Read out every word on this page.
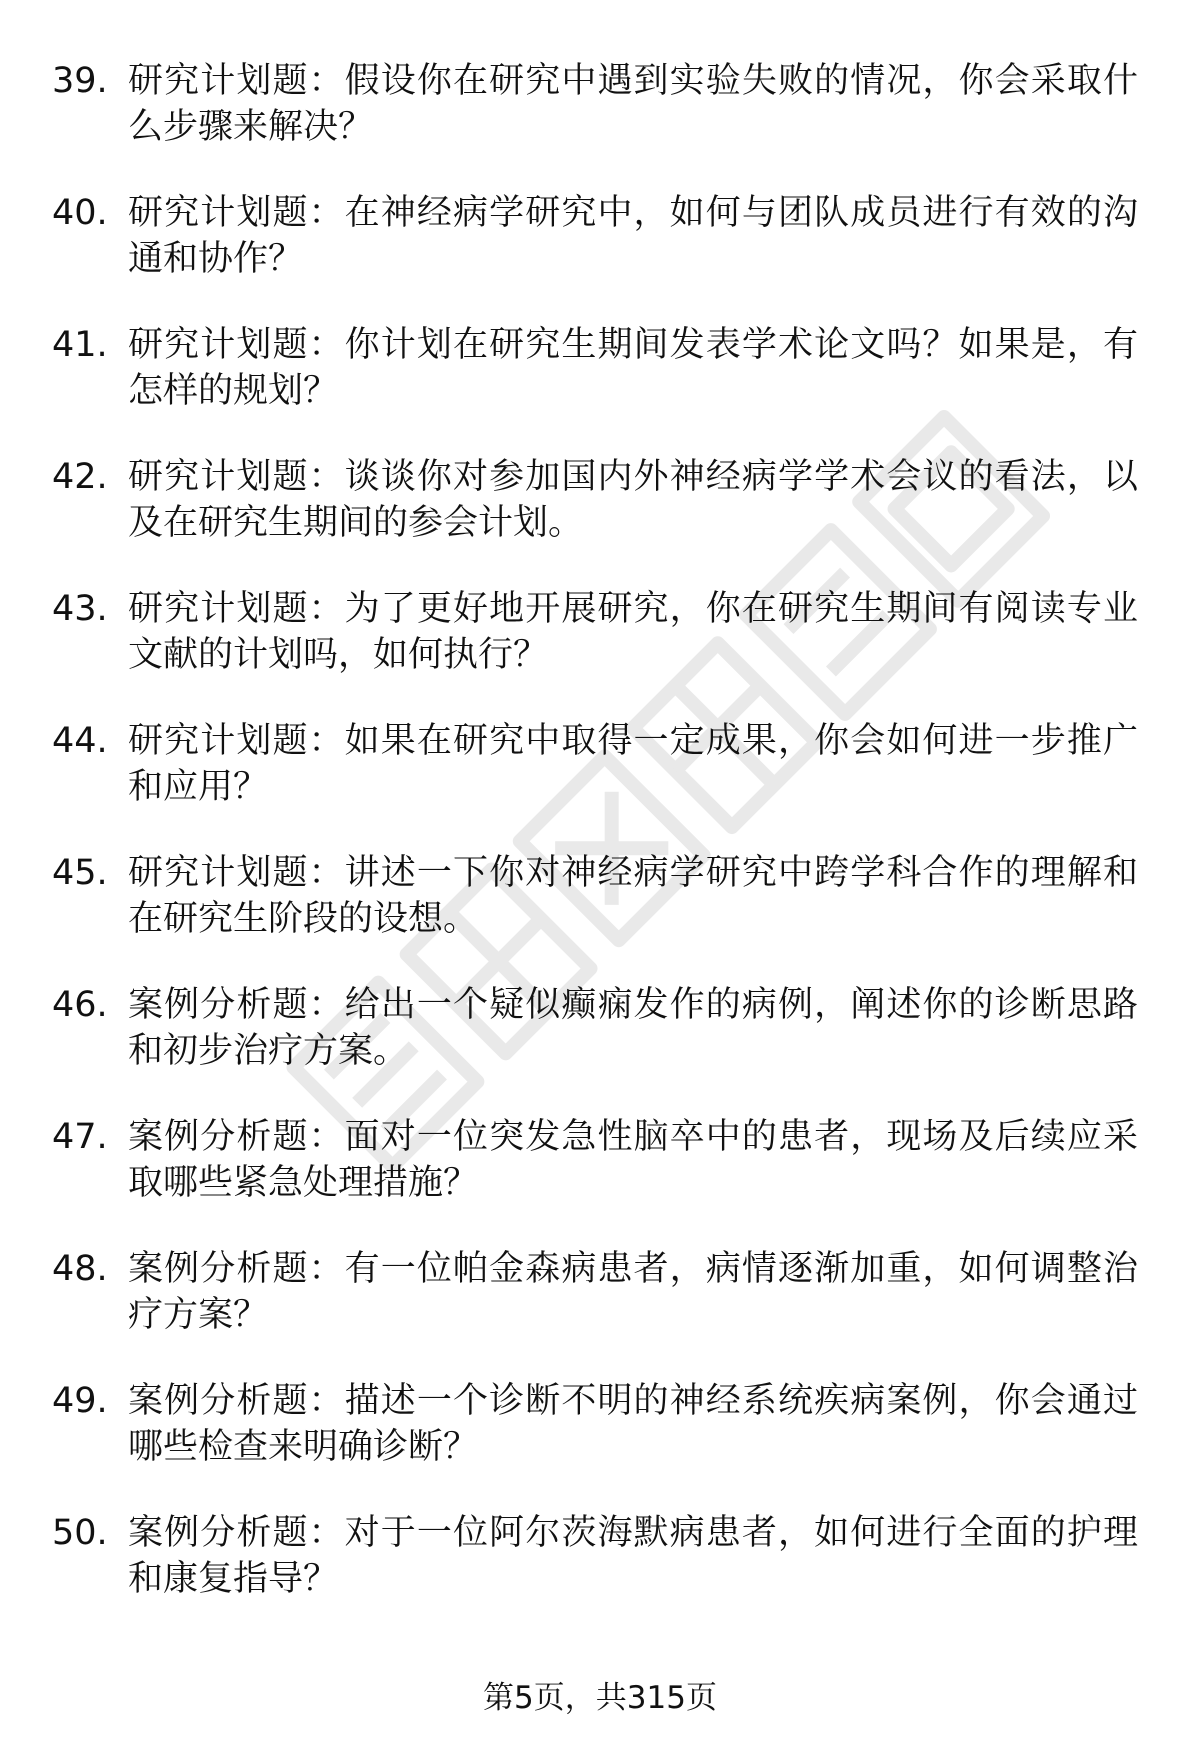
39. 研究计划题：假设你在研究中遇到实验失败的情况，你会采取什么步骤来解决？
40. 研究计划题：在神经病学研究中，如何与团队成员进行有效的沟通和协作？
41. 研究计划题：你计划在研究生期间发表学术论文吗？如果是，有怎样的规划？
42. 研究计划题：谈谈你对参加国内外神经病学学术会议的看法，以及在研究生期间的参会计划。
43. 研究计划题：为了更好地开展研究，你在研究生期间有阅读专业文献的计划吗，如何执行？
44. 研究计划题：如果在研究中取得一定成果，你会如何进一步推广和应用？
45. 研究计划题：讲述一下你对神经病学研究中跨学科合作的理解和在研究生阶段的设想。
46. 案例分析题：给出一个疑似癫痫发作的病例，阐述你的诊断思路和初步治疗方案。
47. 案例分析题：面对一位突发急性脑卒中的患者，现场及后续应采取哪些紧急处理措施？
48. 案例分析题：有一位帕金森病患者，病情逐渐加重，如何调整治疗方案？
49. 案例分析题：描述一个诊断不明的神经系统疾病案例，你会通过哪些检查来明确诊断？
50. 案例分析题：对于一位阿尔茨海默病患者，如何进行全面的护理和康复指导？
第5页，共315页
